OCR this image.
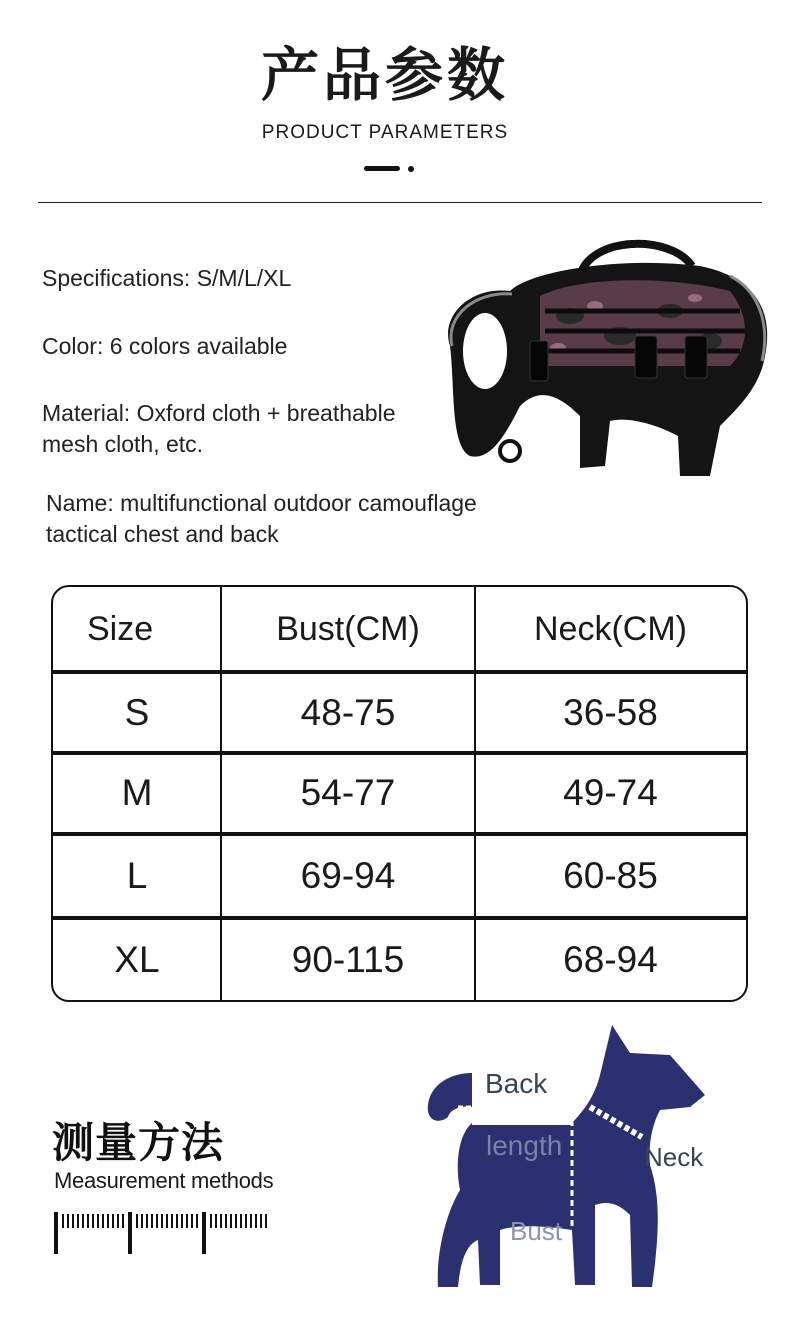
产品参数
PRODUCT PARAMETERS
Specifications: S/M/L/XL
Color: 6 colors available
Material: Oxford cloth + breathable
mesh cloth, etc.
Name: multifunctional outdoor camouflage
tactical chest and back
Size	Bust(CM)	Neck(CM)
S	48-75	36-58
M	54-77	49-74
L	69-94	60-85
XL	90-115	68-94
测量方法
Measurement methods
Back
length	Neck
Bust
